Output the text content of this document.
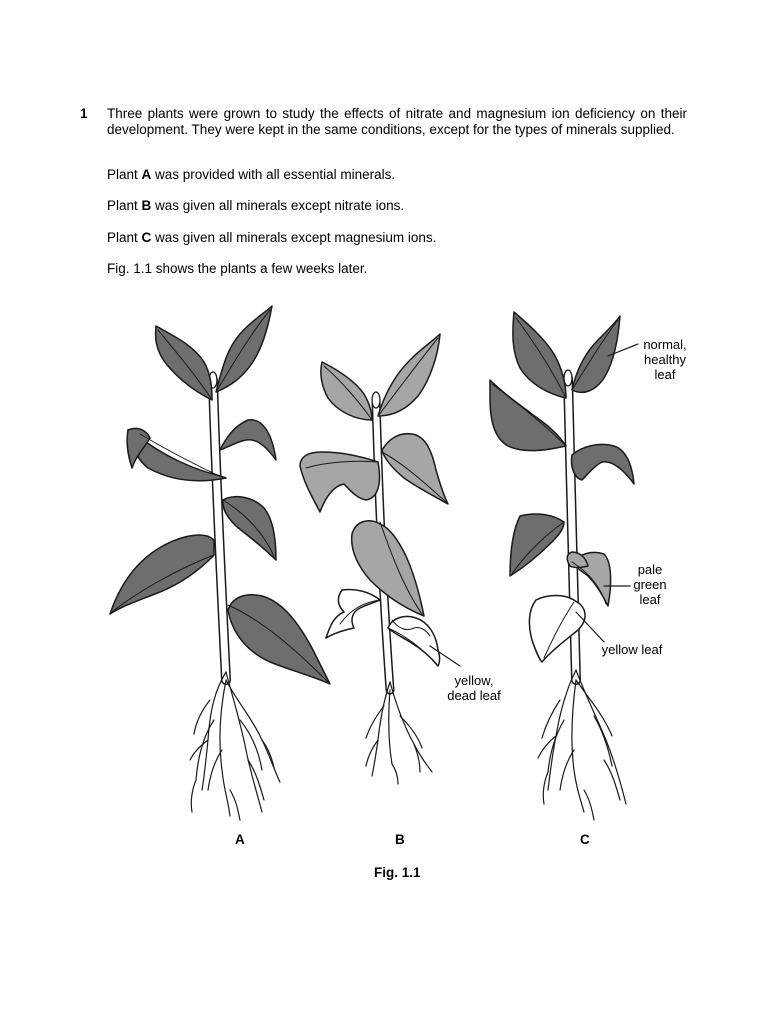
1 Three plants were grown to study the effects of nitrate and magnesium ion deficiency on their development. They were kept in the same conditions, except for the types of minerals supplied.

Plant A was provided with all essential minerals.

Plant B was given all minerals except nitrate ions.

Plant C was given all minerals except magnesium ions.

Fig. 1.1 shows the plants a few weeks later.

normal,
healthy
leaf
pale
green
leaf
yellow leaf
yellow,
dead leaf
A	B	C
Fig. 1.1
